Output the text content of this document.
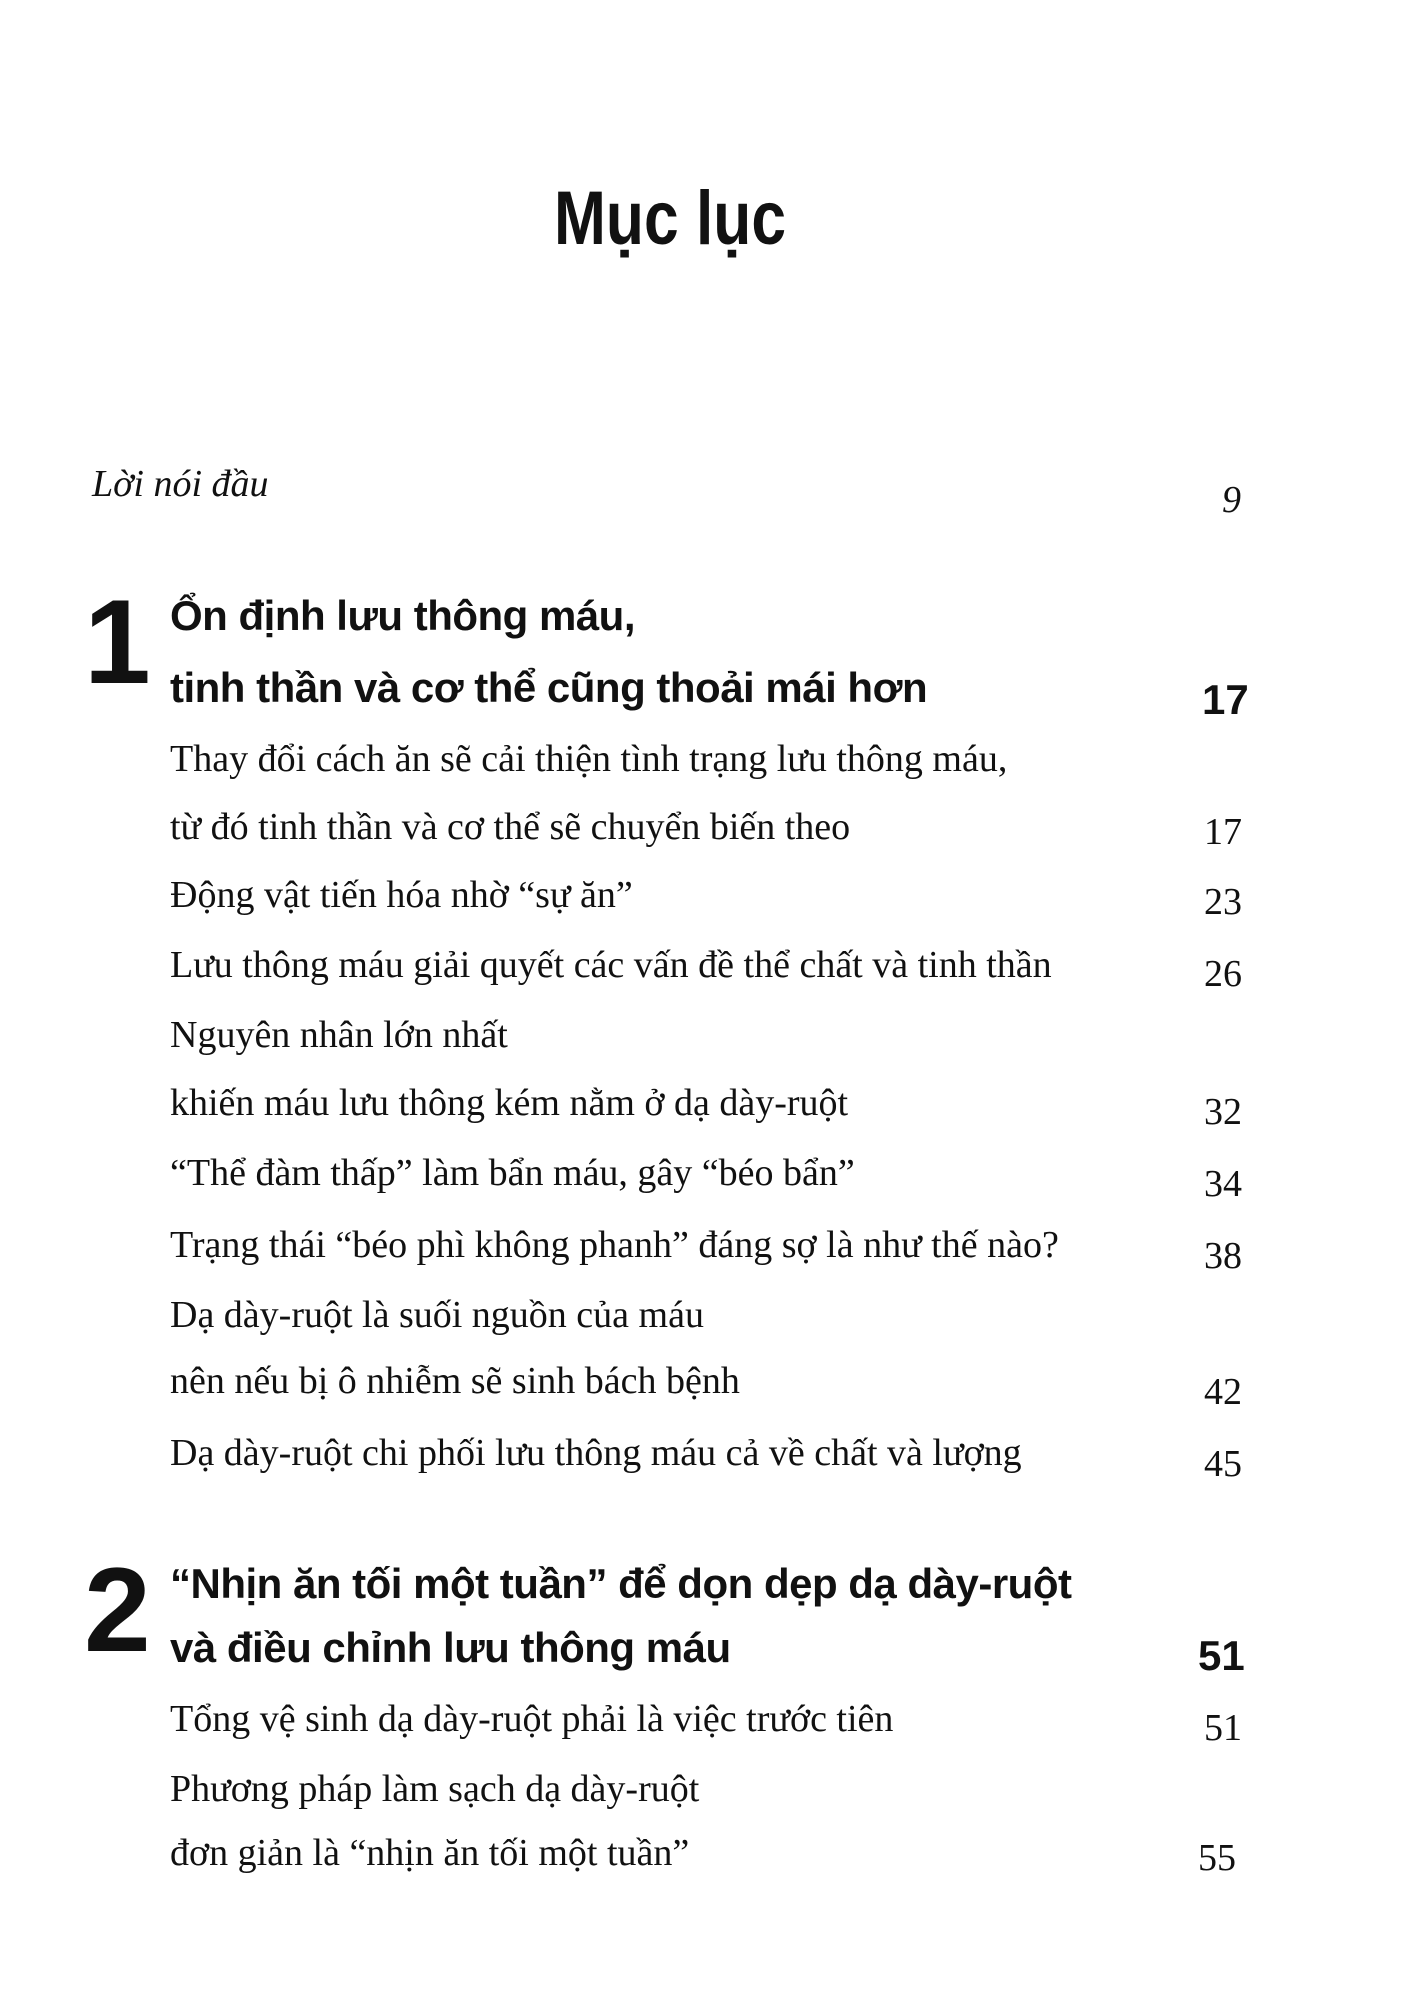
Mục lục
Lời nói đầu	9
1 Ổn định lưu thông máu,
tinh thần và cơ thể cũng thoải mái hơn	17
Thay đổi cách ăn sẽ cải thiện tình trạng lưu thông máu,
từ đó tinh thần và cơ thể sẽ chuyển biến theo	17
Động vật tiến hóa nhờ “sự ăn”	23
Lưu thông máu giải quyết các vấn đề thể chất và tinh thần	26
Nguyên nhân lớn nhất
khiến máu lưu thông kém nằm ở dạ dày-ruột	32
“Thể đàm thấp” làm bẩn máu, gây “béo bẩn”	34
Trạng thái “béo phì không phanh” đáng sợ là như thế nào?	38
Dạ dày-ruột là suối nguồn của máu
nên nếu bị ô nhiễm sẽ sinh bách bệnh	42
Dạ dày-ruột chi phối lưu thông máu cả về chất và lượng	45
2 “Nhịn ăn tối một tuần” để dọn dẹp dạ dày-ruột
và điều chỉnh lưu thông máu	51
Tổng vệ sinh dạ dày-ruột phải là việc trước tiên	51
Phương pháp làm sạch dạ dày-ruột
đơn giản là “nhịn ăn tối một tuần”	55
